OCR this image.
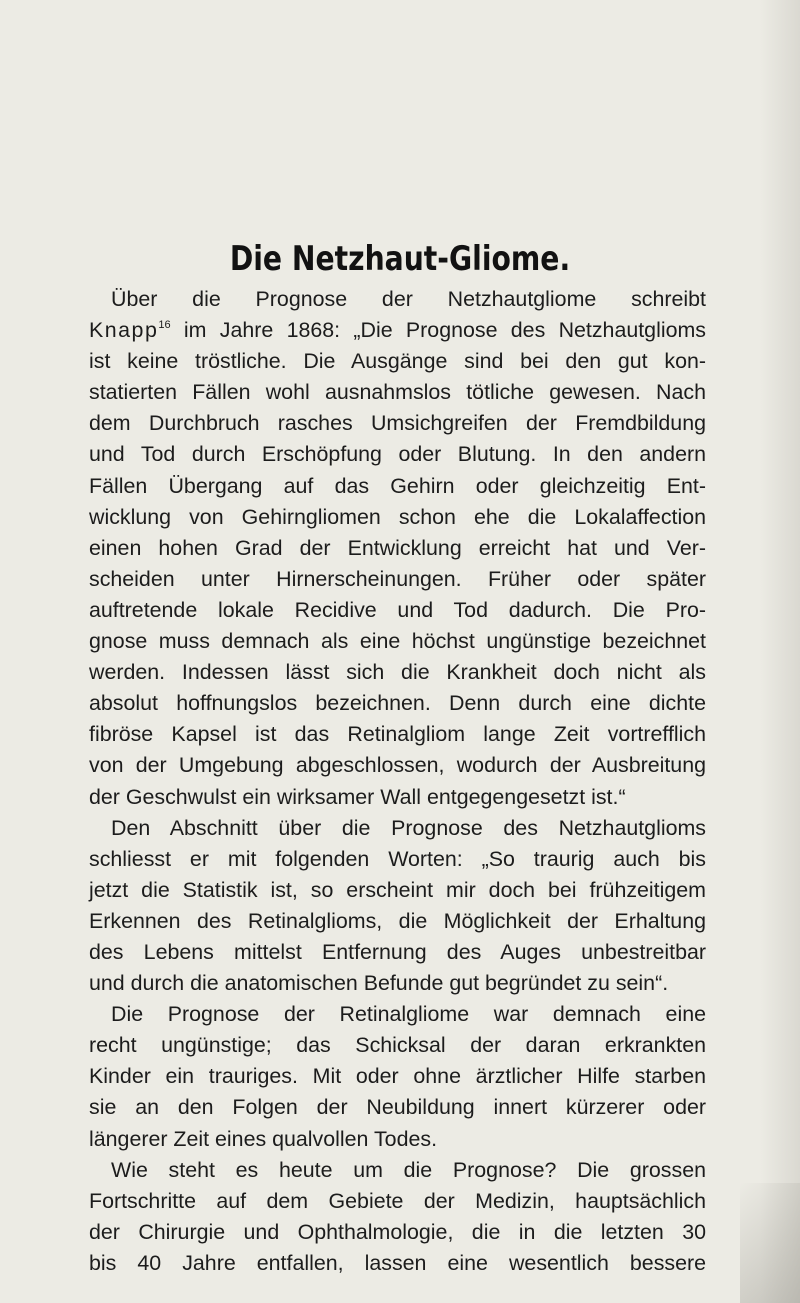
Die Netzhaut-Gliome.
Über die Prognose der Netzhautgliome schreibt
Knapp$^{16}$ im Jahre 1868: „Die Prognose des Netzhautglioms
ist keine tröstliche. Die Ausgänge sind bei den gut kon-
statierten Fällen wohl ausnahmslos tötliche gewesen. Nach
dem Durchbruch rasches Umsichgreifen der Fremdbildung
und Tod durch Erschöpfung oder Blutung. In den andern
Fällen Übergang auf das Gehirn oder gleichzeitig Ent-
wicklung von Gehirngliomen schon ehe die Lokalaffection
einen hohen Grad der Entwicklung erreicht hat und Ver-
scheiden unter Hirnerscheinungen. Früher oder später
auftretende lokale Recidive und Tod dadurch. Die Pro-
gnose muss demnach als eine höchst ungünstige bezeichnet
werden. Indessen lässt sich die Krankheit doch nicht als
absolut hoffnungslos bezeichnen. Denn durch eine dichte
fibröse Kapsel ist das Retinalgliom lange Zeit vortrefflich
von der Umgebung abgeschlossen, wodurch der Ausbreitung
der Geschwulst ein wirksamer Wall entgegengesetzt ist.“
Den Abschnitt über die Prognose des Netzhautglioms
schliesst er mit folgenden Worten: „So traurig auch bis
jetzt die Statistik ist, so erscheint mir doch bei frühzeitigem
Erkennen des Retinalglioms, die Möglichkeit der Erhaltung
des Lebens mittelst Entfernung des Auges unbestreitbar
und durch die anatomischen Befunde gut begründet zu sein“.
Die Prognose der Retinalgliome war demnach eine
recht ungünstige; das Schicksal der daran erkrankten
Kinder ein trauriges. Mit oder ohne ärztlicher Hilfe starben
sie an den Folgen der Neubildung innert kürzerer oder
längerer Zeit eines qualvollen Todes.
Wie steht es heute um die Prognose? Die grossen
Fortschritte auf dem Gebiete der Medizin, hauptsächlich
der Chirurgie und Ophthalmologie, die in die letzten 30
bis 40 Jahre entfallen, lassen eine wesentlich bessere
